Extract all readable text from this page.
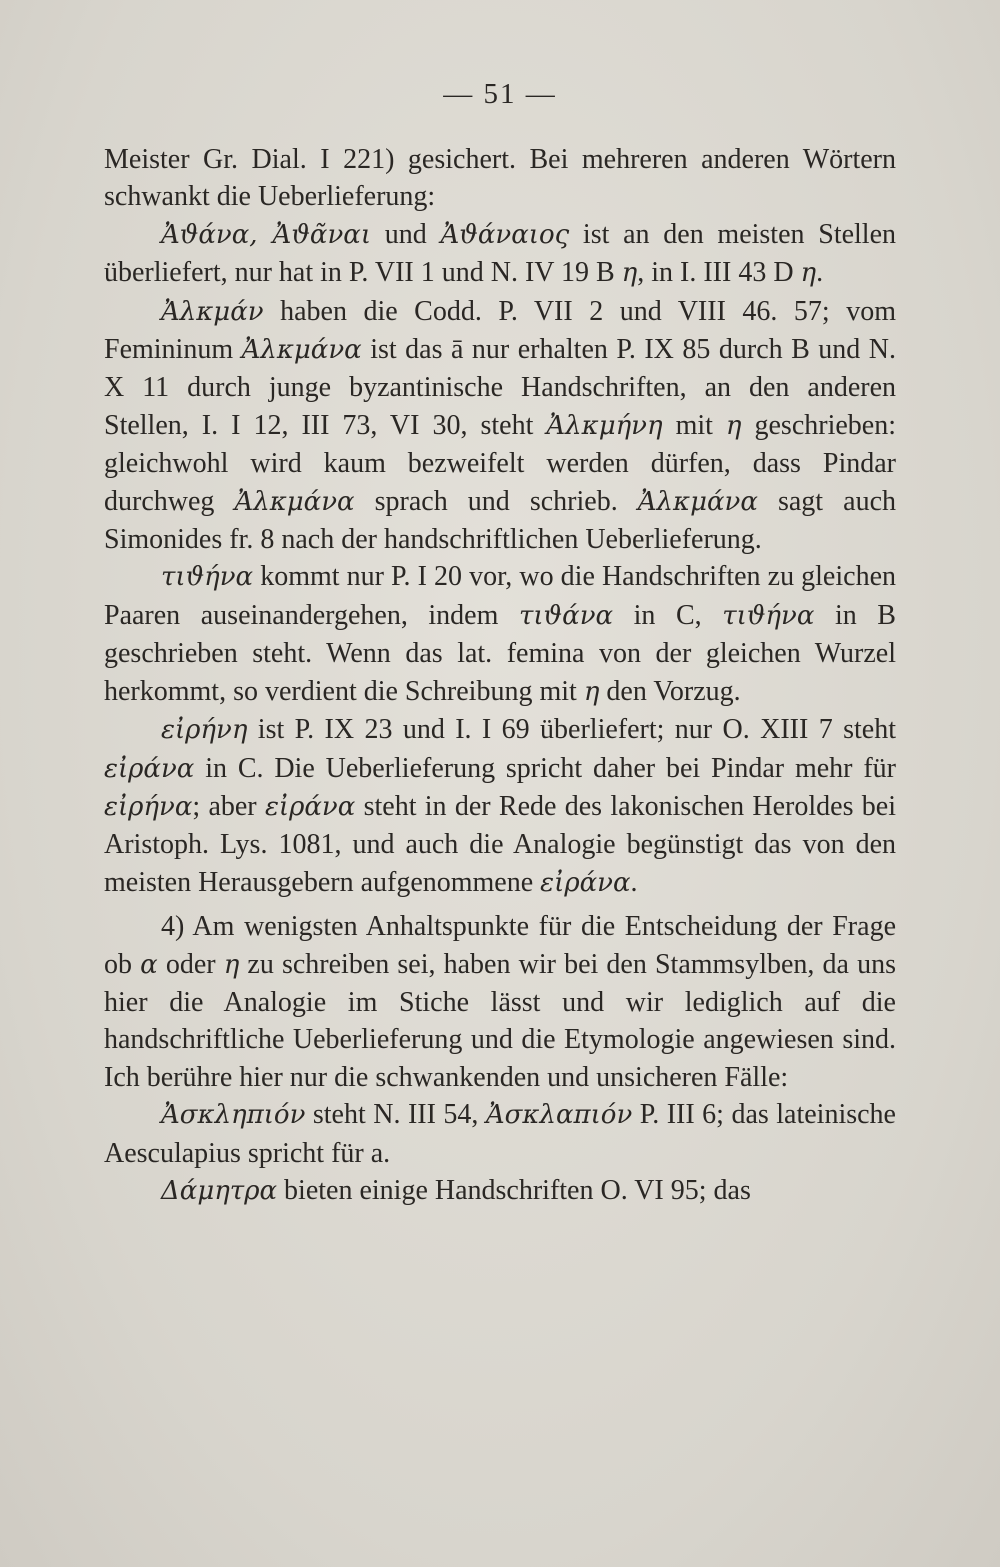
— 51 —

Meister Gr. Dial. I 221) gesichert. Bei mehreren anderen Wörtern schwankt die Ueberlieferung:

Ἀϑάνα, Ἀϑᾶναι und Ἀϑάναιος ist an den meisten Stellen überliefert, nur hat in P. VII 1 und N. IV 19 B η, in I. III 43 D η.

Ἀλκμάν haben die Codd. P. VII 2 und VIII 46. 57; vom Femininum Ἀλκμάνα ist das ā nur erhalten P. IX 85 durch B und N. X 11 durch junge byzantinische Handschriften, an den anderen Stellen, I. I 12, III 73, VI 30, steht Ἀλκμήνη mit η geschrieben: gleichwohl wird kaum bezweifelt werden dürfen, dass Pindar durchweg Ἀλκμάνα sprach und schrieb. Ἀλκμάνα sagt auch Simonides fr. 8 nach der handschriftlichen Ueberlieferung.

τιϑήνα kommt nur P. I 20 vor, wo die Handschriften zu gleichen Paaren auseinandergehen, indem τιϑάνα in C, τιϑήνα in B geschrieben steht. Wenn das lat. femina von der gleichen Wurzel herkommt, so verdient die Schreibung mit η den Vorzug.

εἰρήνη ist P. IX 23 und I. I 69 überliefert; nur O. XIII 7 steht εἰράνα in C. Die Ueberlieferung spricht daher bei Pindar mehr für εἰρήνα; aber εἰράνα steht in der Rede des lakonischen Heroldes bei Aristoph. Lys. 1081, und auch die Analogie begünstigt das von den meisten Herausgebern aufgenommene εἰράνα.

4) Am wenigsten Anhaltspunkte für die Entscheidung der Frage ob α oder η zu schreiben sei, haben wir bei den Stammsylben, da uns hier die Analogie im Stiche lässt und wir lediglich auf die handschriftliche Ueberlieferung und die Etymologie angewiesen sind. Ich berühre hier nur die schwankenden und unsicheren Fälle:

Ἀσκληπιόν steht N. III 54, Ἀσκλαπιόν P. III 6; das lateinische Aesculapius spricht für a.

Δάμητρα bieten einige Handschriften O. VI 95; das
